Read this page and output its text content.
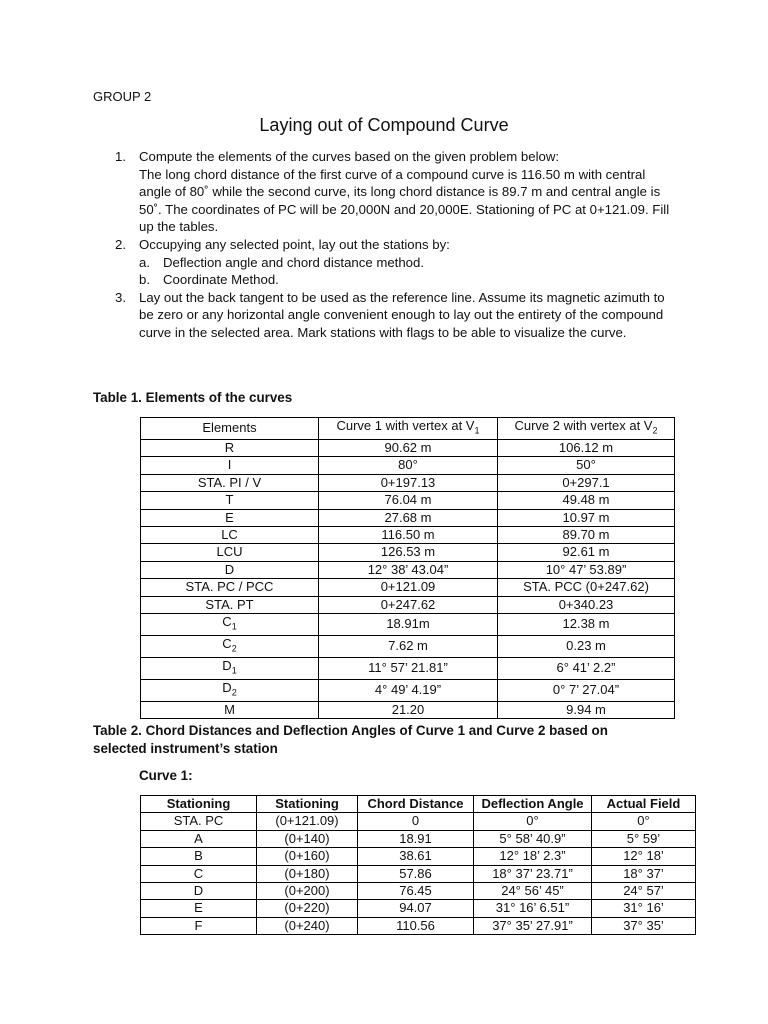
GROUP 2
Laying out of Compound Curve
1. Compute the elements of the curves based on the given problem below:
The long chord distance of the first curve of a compound curve is 116.50 m with central angle of 80˚ while the second curve, its long chord distance is 89.7 m and central angle is 50˚. The coordinates of PC will be 20,000N and 20,000E. Stationing of PC at 0+121.09. Fill up the tables.
2. Occupying any selected point, lay out the stations by:
a. Deflection angle and chord distance method.
b. Coordinate Method.
3. Lay out the back tangent to be used as the reference line. Assume its magnetic azimuth to be zero or any horizontal angle convenient enough to lay out the entirety of the compound curve in the selected area. Mark stations with flags to be able to visualize the curve.
Table 1. Elements of the curves
Elements	Curve 1 with vertex at $V_1$	Curve 2 with vertex at $V_2$
R	90.62 m	106.12 m
I	80°	50°
STA. PI / V	0+197.13	0+297.1
T	76.04 m	49.48 m
E	27.68 m	10.97 m
LC	116.50 m	89.70 m
LCU	126.53 m	92.61 m
D	12° 38’ 43.04”	10° 47’ 53.89”
STA. PC / PCC	0+121.09	STA. PCC (0+247.62)
STA. PT	0+247.62	0+340.23
$C_1$	18.91m	12.38 m
$C_2$	7.62 m	0.23 m
$D_1$	11° 57’ 21.81”	6° 41’ 2.2”
$D_2$	4° 49’ 4.19”	0° 7’ 27.04”
M	21.20	9.94 m
Table 2. Chord Distances and Deflection Angles of Curve 1 and Curve 2 based on selected instrument’s station
Curve 1:
Stationing	Stationing	Chord Distance	Deflection Angle	Actual Field
STA. PC	(0+121.09)	0	0°	0°
A	(0+140)	18.91	5° 58’ 40.9”	5° 59’
B	(0+160)	38.61	12° 18’ 2.3”	12° 18’
C	(0+180)	57.86	18° 37’ 23.71”	18° 37’
D	(0+200)	76.45	24° 56’ 45”	24° 57’
E	(0+220)	94.07	31° 16’ 6.51”	31° 16’
F	(0+240)	110.56	37° 35’ 27.91”	37° 35’
